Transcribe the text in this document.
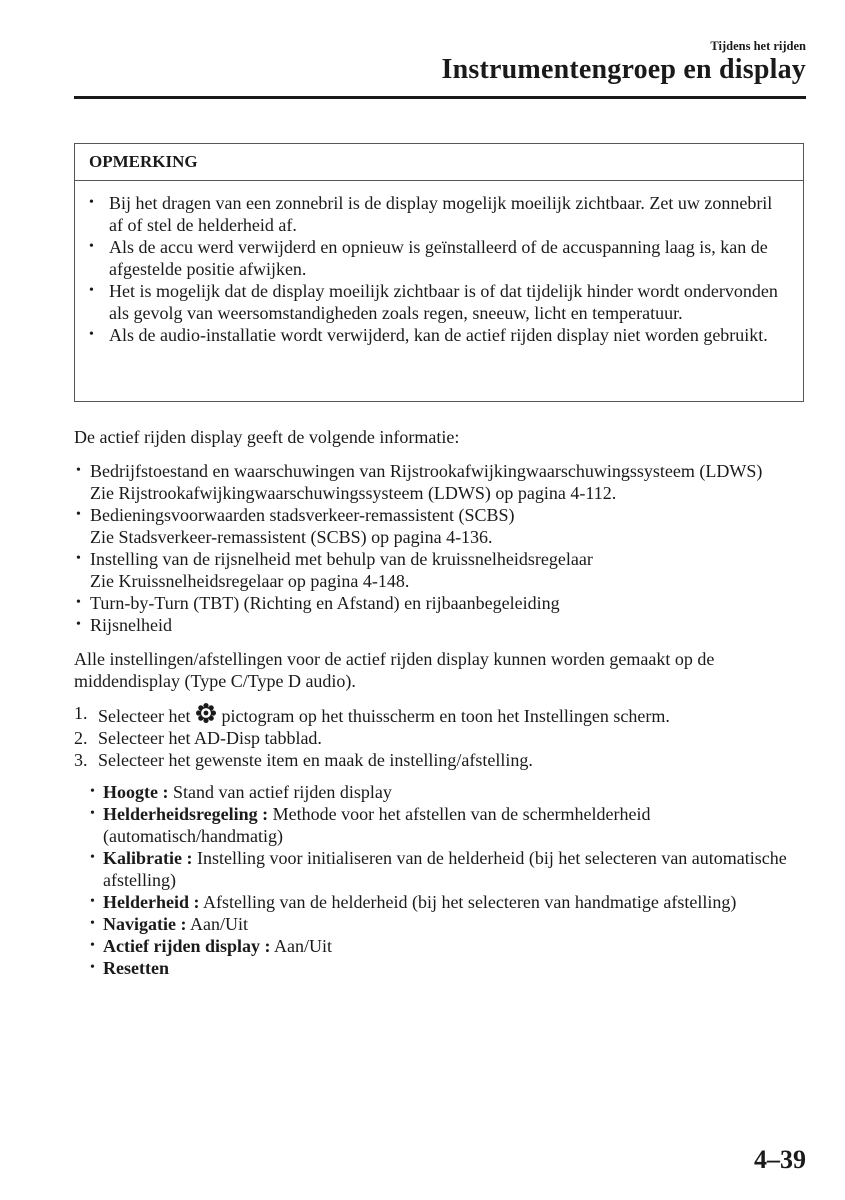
Tijdens het rijden
Instrumentengroep en display
OPMERKING
• Bij het dragen van een zonnebril is de display mogelijk moeilijk zichtbaar. Zet uw zonnebril af of stel de helderheid af.
• Als de accu werd verwijderd en opnieuw is geïnstalleerd of de accuspanning laag is, kan de afgestelde positie afwijken.
• Het is mogelijk dat de display moeilijk zichtbaar is of dat tijdelijk hinder wordt ondervonden als gevolg van weersomstandigheden zoals regen, sneeuw, licht en temperatuur.
• Als de audio-installatie wordt verwijderd, kan de actief rijden display niet worden gebruikt.

De actief rijden display geeft de volgende informatie:

• Bedrijfstoestand en waarschuwingen van Rijstrookafwijkingwaarschuwingssysteem (LDWS)
Zie Rijstrookafwijkingwaarschuwingssysteem (LDWS) op pagina 4-112.
• Bedieningsvoorwaarden stadsverkeer-remassistent (SCBS)
Zie Stadsverkeer-remassistent (SCBS) op pagina 4-136.
• Instelling van de rijsnelheid met behulp van de kruissnelheidsregelaar
Zie Kruissnelheidsregelaar op pagina 4-148.
• Turn-by-Turn (TBT) (Richting en Afstand) en rijbaanbegeleiding
• Rijsnelheid

Alle instellingen/afstellingen voor de actief rijden display kunnen worden gemaakt op de middendisplay (Type C/Type D audio).

1. Selecteer het pictogram op het thuisscherm en toon het Instellingen scherm.
2. Selecteer het AD-Disp tabblad.
3. Selecteer het gewenste item en maak de instelling/afstelling.
• Hoogte : Stand van actief rijden display
• Helderheidsregeling : Methode voor het afstellen van de schermhelderheid (automatisch/handmatig)
• Kalibratie : Instelling voor initialiseren van de helderheid (bij het selecteren van automatische afstelling)
• Helderheid : Afstelling van de helderheid (bij het selecteren van handmatige afstelling)
• Navigatie : Aan/Uit
• Actief rijden display : Aan/Uit
• Resetten
4–39
